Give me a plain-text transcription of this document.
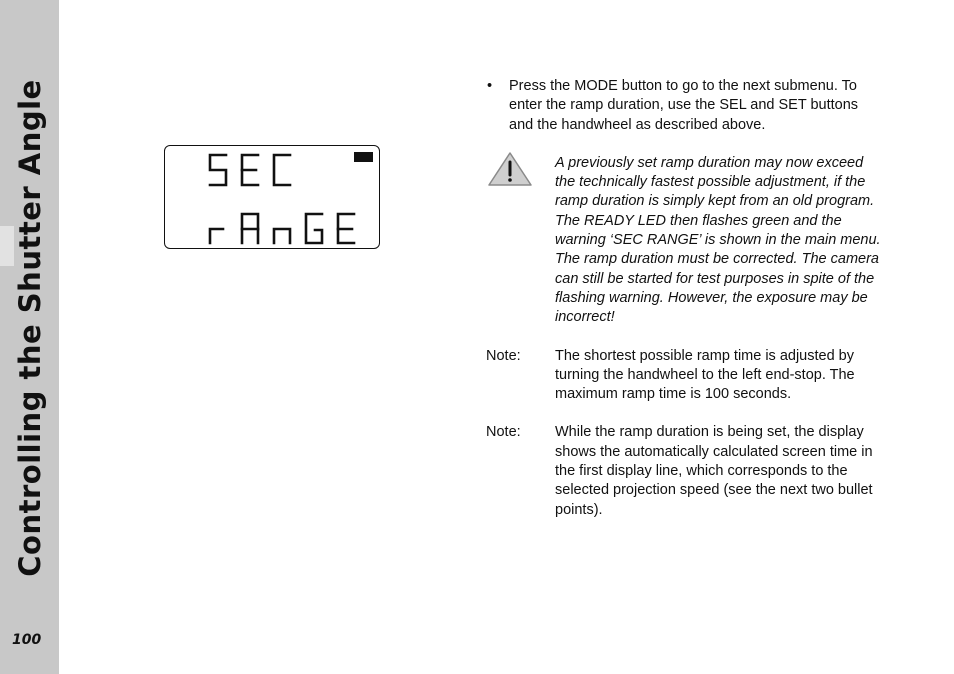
Controlling the Shutter Angle
100
• Press the MODE button to go to the next submenu. To enter the ramp duration, use the SEL and SET buttons and the handwheel as described above.
A previously set ramp duration may now exceed the technically fastest possible adjustment, if the ramp duration is simply kept from an old program. The READY LED then flashes green and the warning ‘SEC RANGE’ is shown in the main menu. The ramp duration must be corrected. The camera can still be started for test purposes in spite of the flashing warning. However, the exposure may be incorrect!
Note: The shortest possible ramp time is adjusted by turning the handwheel to the left end-stop. The maximum ramp time is 100 seconds.
Note: While the ramp duration is being set, the display shows the automatically calculated screen time in the first display line, which corresponds to the selected projection speed (see the next two bullet points).
